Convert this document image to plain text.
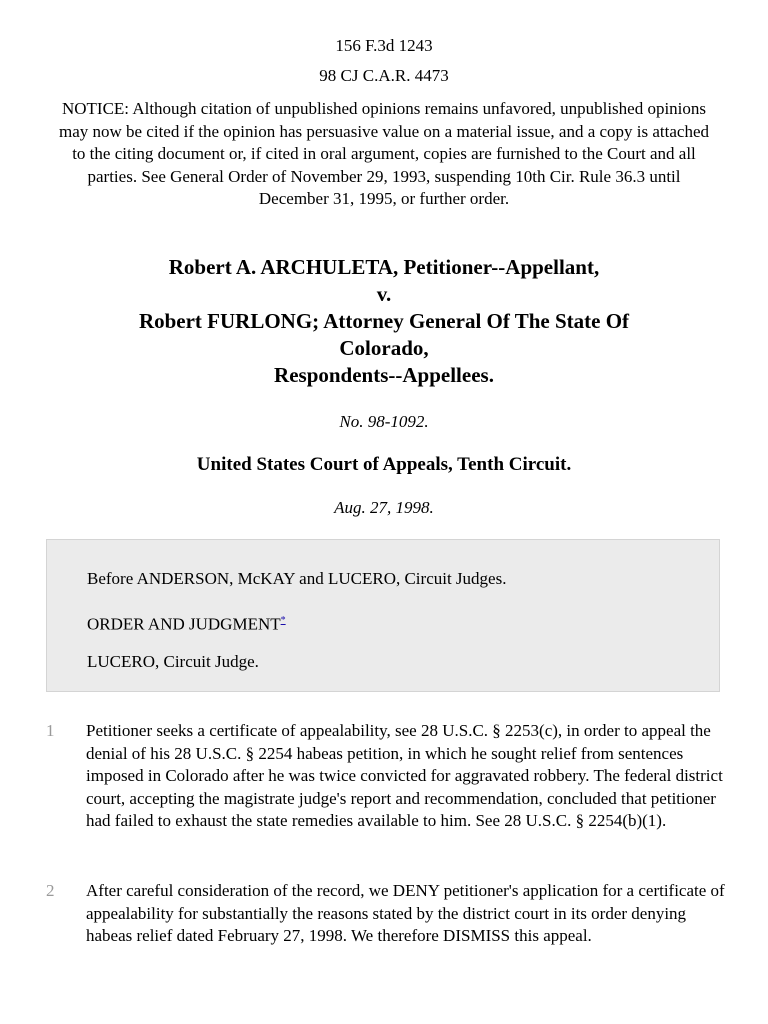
156 F.3d 1243
98 CJ C.A.R. 4473
NOTICE: Although citation of unpublished opinions remains unfavored, unpublished opinions may now be cited if the opinion has persuasive value on a material issue, and a copy is attached to the citing document or, if cited in oral argument, copies are furnished to the Court and all parties. See General Order of November 29, 1993, suspending 10th Cir. Rule 36.3 until December 31, 1995, or further order.
Robert A. ARCHULETA, Petitioner--Appellant,
v.
Robert FURLONG; Attorney General Of The State Of
Colorado,
Respondents--Appellees.
No. 98-1092.
United States Court of Appeals, Tenth Circuit.
Aug. 27, 1998.
Before ANDERSON, McKAY and LUCERO, Circuit Judges.
ORDER AND JUDGMENT*
LUCERO, Circuit Judge.
1 Petitioner seeks a certificate of appealability, see 28 U.S.C. § 2253(c), in order to appeal the denial of his 28 U.S.C. § 2254 habeas petition, in which he sought relief from sentences imposed in Colorado after he was twice convicted for aggravated robbery. The federal district court, accepting the magistrate judge's report and recommendation, concluded that petitioner had failed to exhaust the state remedies available to him. See 28 U.S.C. § 2254(b)(1).
2 After careful consideration of the record, we DENY petitioner's application for a certificate of appealability for substantially the reasons stated by the district court in its order denying habeas relief dated February 27, 1998. We therefore DISMISS this appeal.
